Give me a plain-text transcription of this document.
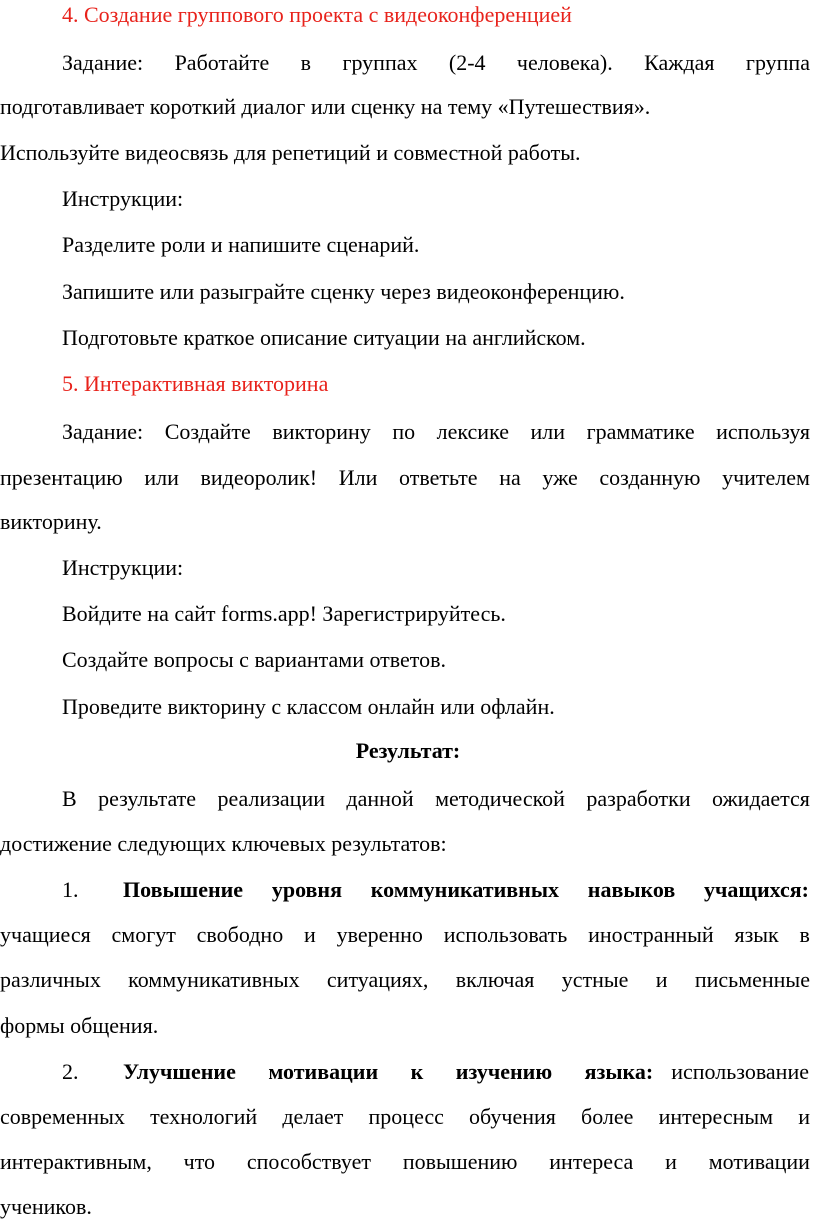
4. Создание группового проекта с видеоконференцией
Задание: Работайте в группах (2-4 человека). Каждая группа
подготавливает короткий диалог или сценку на тему «Путешествия».
Используйте видеосвязь для репетиций и совместной работы.
Инструкции:
Разделите роли и напишите сценарий.
Запишите или разыграйте сценку через видеоконференцию.
Подготовьте краткое описание ситуации на английском.
5. Интерактивная викторина
Задание: Создайте викторину по лексике или грамматике используя
презентацию или видеоролик! Или ответьте на уже созданную учителем
викторину.
Инструкции:
Войдите на сайт forms.app! Зарегистрируйтесь.
Создайте вопросы с вариантами ответов.
Проведите викторину с классом онлайн или офлайн.
Результат:
В результате реализации данной методической разработки ожидается
достижение следующих ключевых результатов:
1. Повышение уровня коммуникативных навыков учащихся:
учащиеся смогут свободно и уверенно использовать иностранный язык в
различных коммуникативных ситуациях, включая устные и письменные
формы общения.
2. Улучшение мотивации к изучению языка: использование
современных технологий делает процесс обучения более интересным и
интерактивным, что способствует повышению интереса и мотивации
учеников.
